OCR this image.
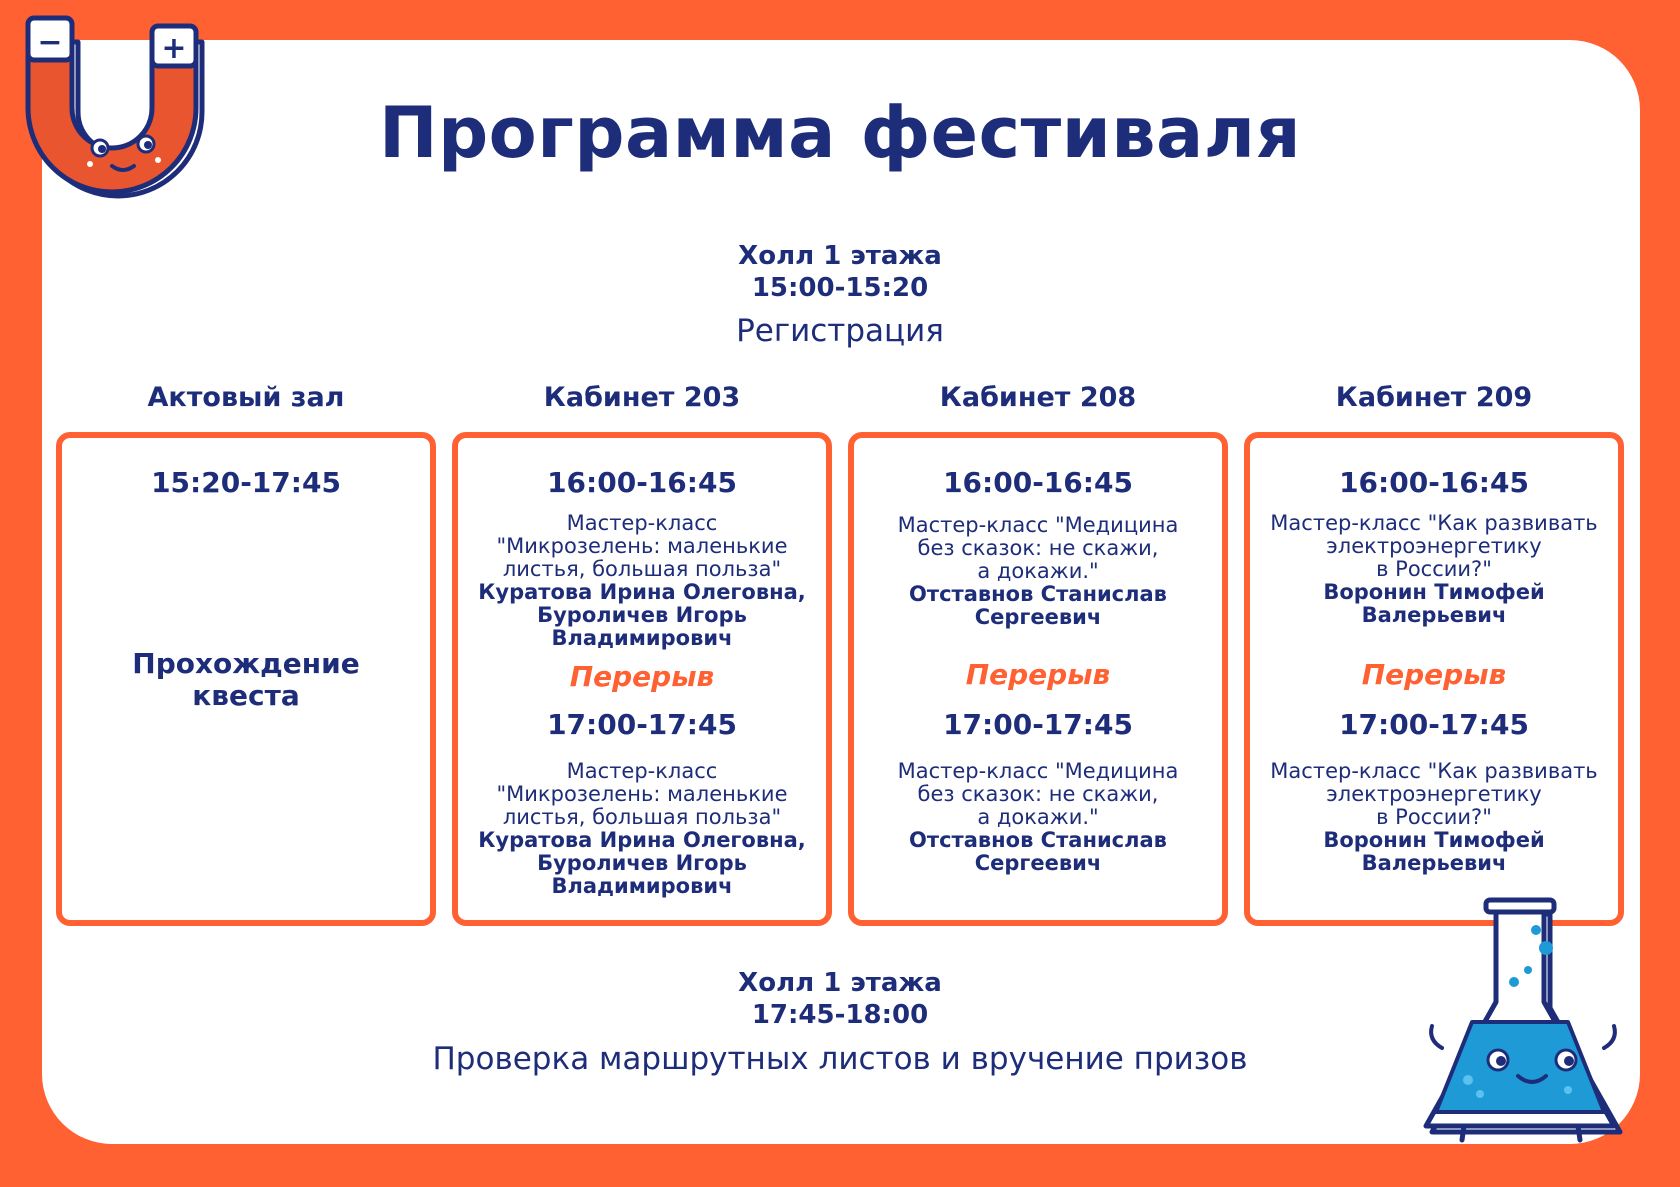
−	+
Программа фестиваля
Холл 1 этажа
15:00-15:20
Регистрация
Актовый зал	Кабинет 203	Кабинет 208	Кабинет 209
15:20-17:45
Прохождение
квеста
16:00-16:45
Мастер-класс
"Микрозелень: маленькие
листья, большая польза"
Куратова Ирина Олеговна,
Буроличев Игорь
Владимирович
Перерыв
17:00-17:45
Мастер-класс
"Микрозелень: маленькие
листья, большая польза"
Куратова Ирина Олеговна,
Буроличев Игорь
Владимирович
16:00-16:45
Мастер-класс "Медицина
без сказок: не скажи,
а докажи."
Отставнов Станислав
Сергеевич
Перерыв
17:00-17:45
Мастер-класс "Медицина
без сказок: не скажи,
а докажи."
Отставнов Станислав
Сергеевич
16:00-16:45
Мастер-класс "Как развивать
электроэнергетику
в России?"
Воронин Тимофей
Валерьевич
Перерыв
17:00-17:45
Мастер-класс "Как развивать
электроэнергетику
в России?"
Воронин Тимофей
Валерьевич
Холл 1 этажа
17:45-18:00
Проверка маршрутных листов и вручение призов
